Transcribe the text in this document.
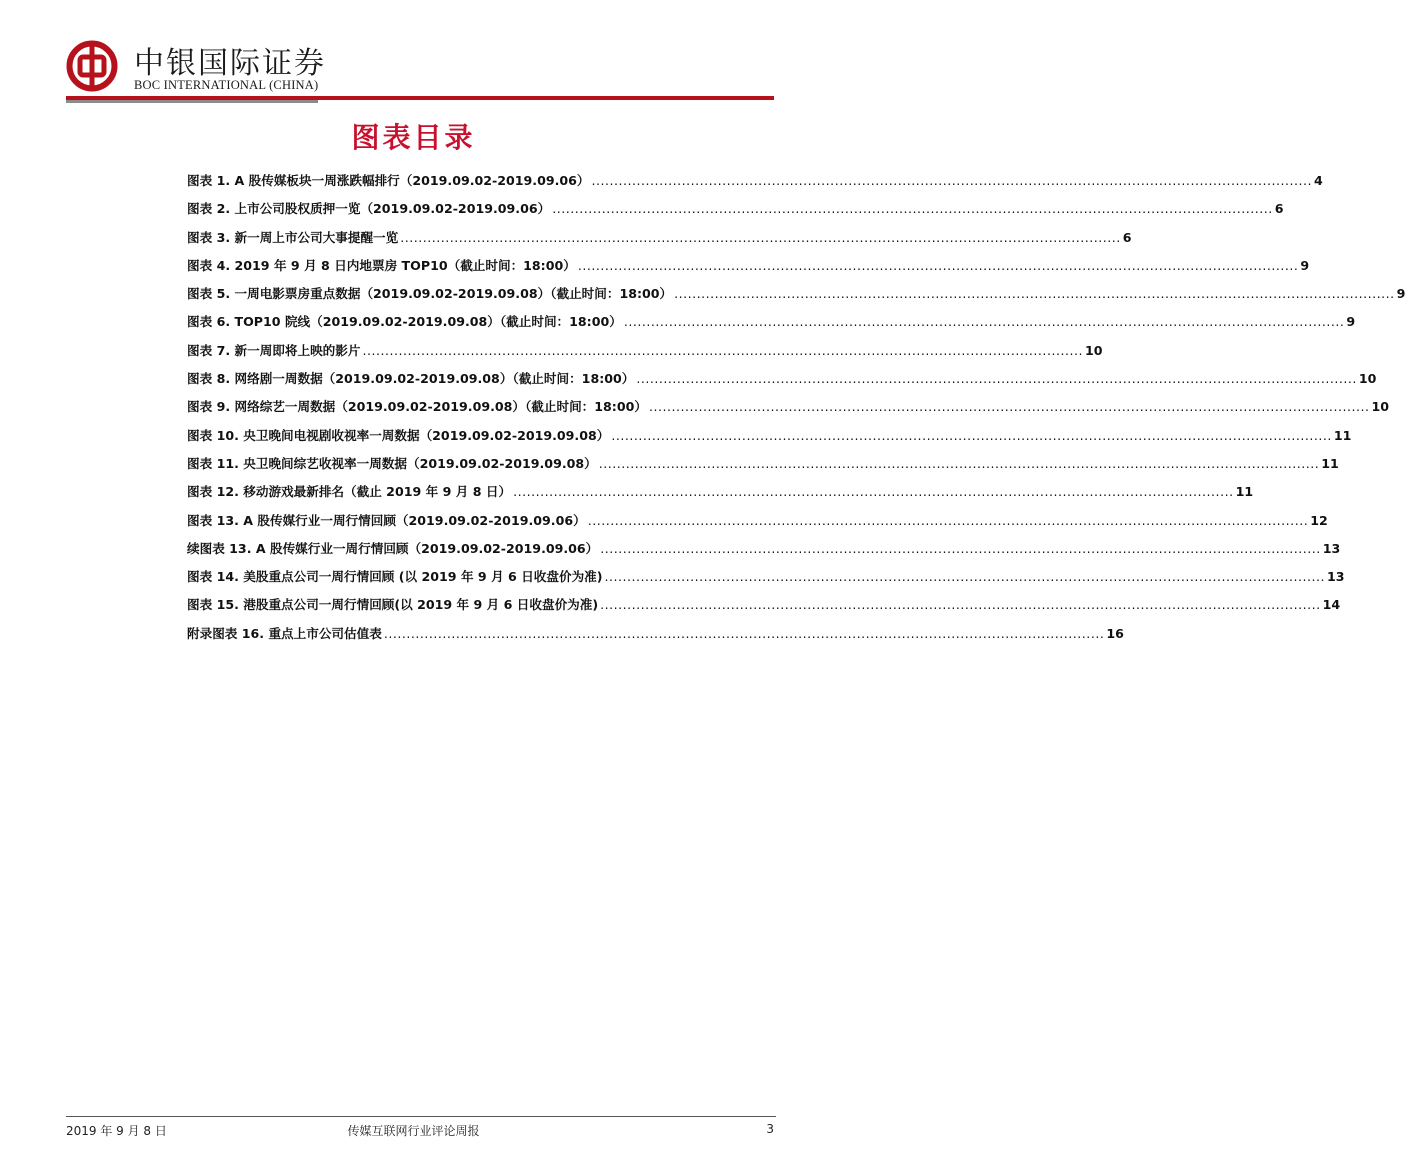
中银国际证券
BOC INTERNATIONAL (CHINA)
图表目录
图表 1. A 股传媒板块一周涨跌幅排行（2019.09.02-2019.09.06） .....	4
图表 2. 上市公司股权质押一览（2019.09.02-2019.09.06） .....	6
图表 3. 新一周上市公司大事提醒一览 .....	6
图表 4. 2019 年 9 月 8 日内地票房 TOP10（截止时间：18:00） .....	9
图表 5. 一周电影票房重点数据（2019.09.02-2019.09.08）（截止时间：18:00） .....	9
图表 6. TOP10 院线（2019.09.02-2019.09.08）（截止时间：18:00） .....	9
图表 7. 新一周即将上映的影片 .....	10
图表 8. 网络剧一周数据（2019.09.02-2019.09.08）（截止时间：18:00） .....	10
图表 9. 网络综艺一周数据（2019.09.02-2019.09.08）（截止时间：18:00） .....	10
图表 10. 央卫晚间电视剧收视率一周数据（2019.09.02-2019.09.08） .....	11
图表 11. 央卫晚间综艺收视率一周数据（2019.09.02-2019.09.08） .....	11
图表 12. 移动游戏最新排名（截止 2019 年 9 月 8 日） .....	11
图表 13. A 股传媒行业一周行情回顾（2019.09.02-2019.09.06） .....	12
续图表 13. A 股传媒行业一周行情回顾（2019.09.02-2019.09.06） .....	13
图表 14. 美股重点公司一周行情回顾 (以 2019 年 9 月 6 日收盘价为准) .....	13
图表 15. 港股重点公司一周行情回顾(以 2019 年 9 月 6 日收盘价为准) .....	14
附录图表 16. 重点上市公司估值表 .....	16
2019 年 9 月 8 日	传媒互联网行业评论周报	3
